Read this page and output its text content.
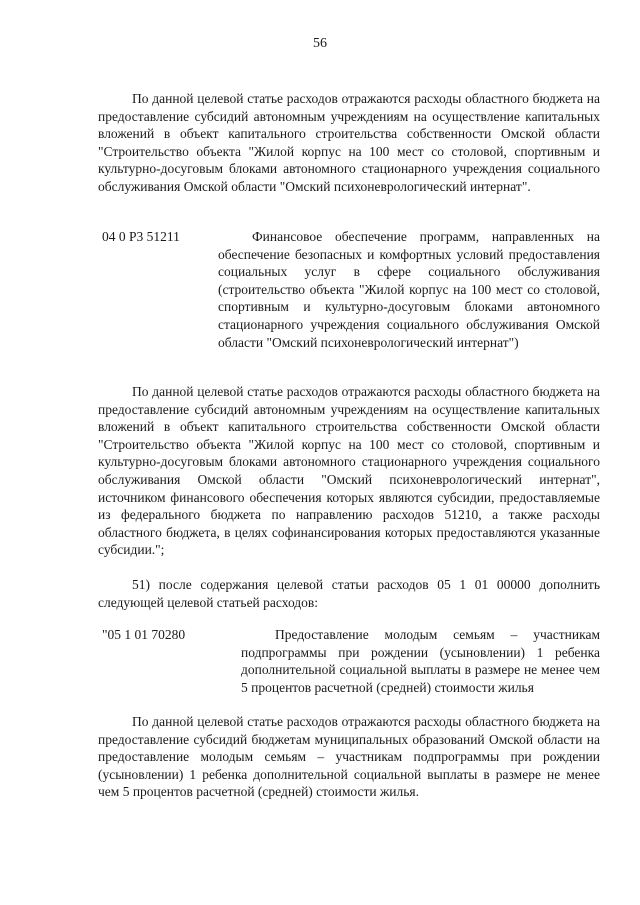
56

По данной целевой статье расходов отражаются расходы областного бюджета на предоставление субсидий автономным учреждениям на осуществление капитальных вложений в объект капитального строительства собственности Омской области "Строительство объекта "Жилой корпус на 100 мест со столовой, спортивным и культурно-досуговым блоками автономного стационарного учреждения социального обслуживания Омской области "Омский психоневрологический интернат".

04 0 P3 51211	Финансовое обеспечение программ, направленных на обеспечение безопасных и комфортных условий предоставления социальных услуг в сфере социального обслуживания (строительство объекта "Жилой корпус на 100 мест со столовой, спортивным и культурно-досуговым блоками автономного стационарного учреждения социального обслуживания Омской области "Омский психоневрологический интернат")

По данной целевой статье расходов отражаются расходы областного бюджета на предоставление субсидий автономным учреждениям на осуществление капитальных вложений в объект капитального строительства собственности Омской области "Строительство объекта "Жилой корпус на 100 мест со столовой, спортивным и культурно-досуговым блоками автономного стационарного учреждения социального обслуживания Омской области "Омский психоневрологический интернат", источником финансового обеспечения которых являются субсидии, предоставляемые из федерального бюджета по направлению расходов 51210, а также расходы областного бюджета, в целях софинансирования которых предоставляются указанные субсидии.";

51) после содержания целевой статьи расходов 05 1 01 00000 дополнить следующей целевой статьей расходов:

"05 1 01 70280	Предоставление молодым семьям – участникам подпрограммы при рождении (усыновлении) 1 ребенка дополнительной социальной выплаты в размере не менее чем 5 процентов расчетной (средней) стоимости жилья

По данной целевой статье расходов отражаются расходы областного бюджета на предоставление субсидий бюджетам муниципальных образований Омской области на предоставление молодым семьям – участникам подпрограммы при рождении (усыновлении) 1 ребенка дополнительной социальной выплаты в размере не менее чем 5 процентов расчетной (средней) стоимости жилья.
